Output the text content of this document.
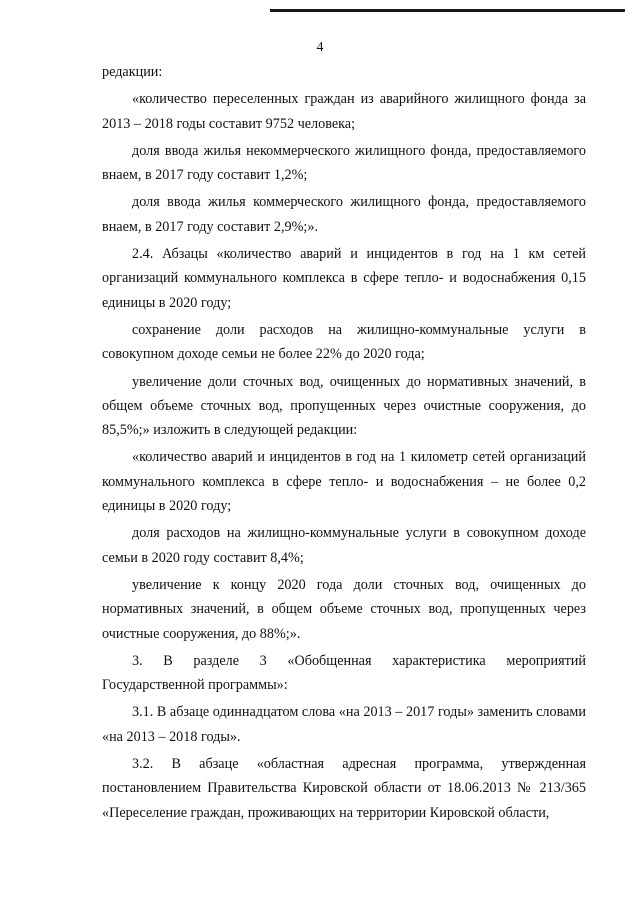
4

редакции:

«количество переселенных граждан из аварийного жилищного фонда за 2013 – 2018 годы составит 9752 человека;

доля ввода жилья некоммерческого жилищного фонда, предоставляемого внаем, в 2017 году составит 1,2%;

доля ввода жилья коммерческого жилищного фонда, предоставляемого внаем, в 2017 году составит 2,9%;».

2.4. Абзацы «количество аварий и инцидентов в год на 1 км сетей организаций коммунального комплекса в сфере тепло- и водоснабжения 0,15 единицы в 2020 году;

сохранение доли расходов на жилищно-коммунальные услуги в совокупном доходе семьи не более 22% до 2020 года;

увеличение доли сточных вод, очищенных до нормативных значений, в общем объеме сточных вод, пропущенных через очистные сооружения, до 85,5%;» изложить в следующей редакции:

«количество аварий и инцидентов в год на 1 километр сетей организаций коммунального комплекса в сфере тепло- и водоснабжения – не более 0,2 единицы в 2020 году;

доля расходов на жилищно-коммунальные услуги в совокупном доходе семьи в 2020 году составит 8,4%;

увеличение к концу 2020 года доли сточных вод, очищенных до нормативных значений, в общем объеме сточных вод, пропущенных через очистные сооружения, до 88%;».

3. В разделе 3 «Обобщенная характеристика мероприятий Государственной программы»:

3.1. В абзаце одиннадцатом слова «на 2013 – 2017 годы» заменить словами «на 2013 – 2018 годы».

3.2. В абзаце «областная адресная программа, утвержденная постановлением Правительства Кировской области от 18.06.2013 № 213/365 «Переселение граждан, проживающих на территории Кировской области,
